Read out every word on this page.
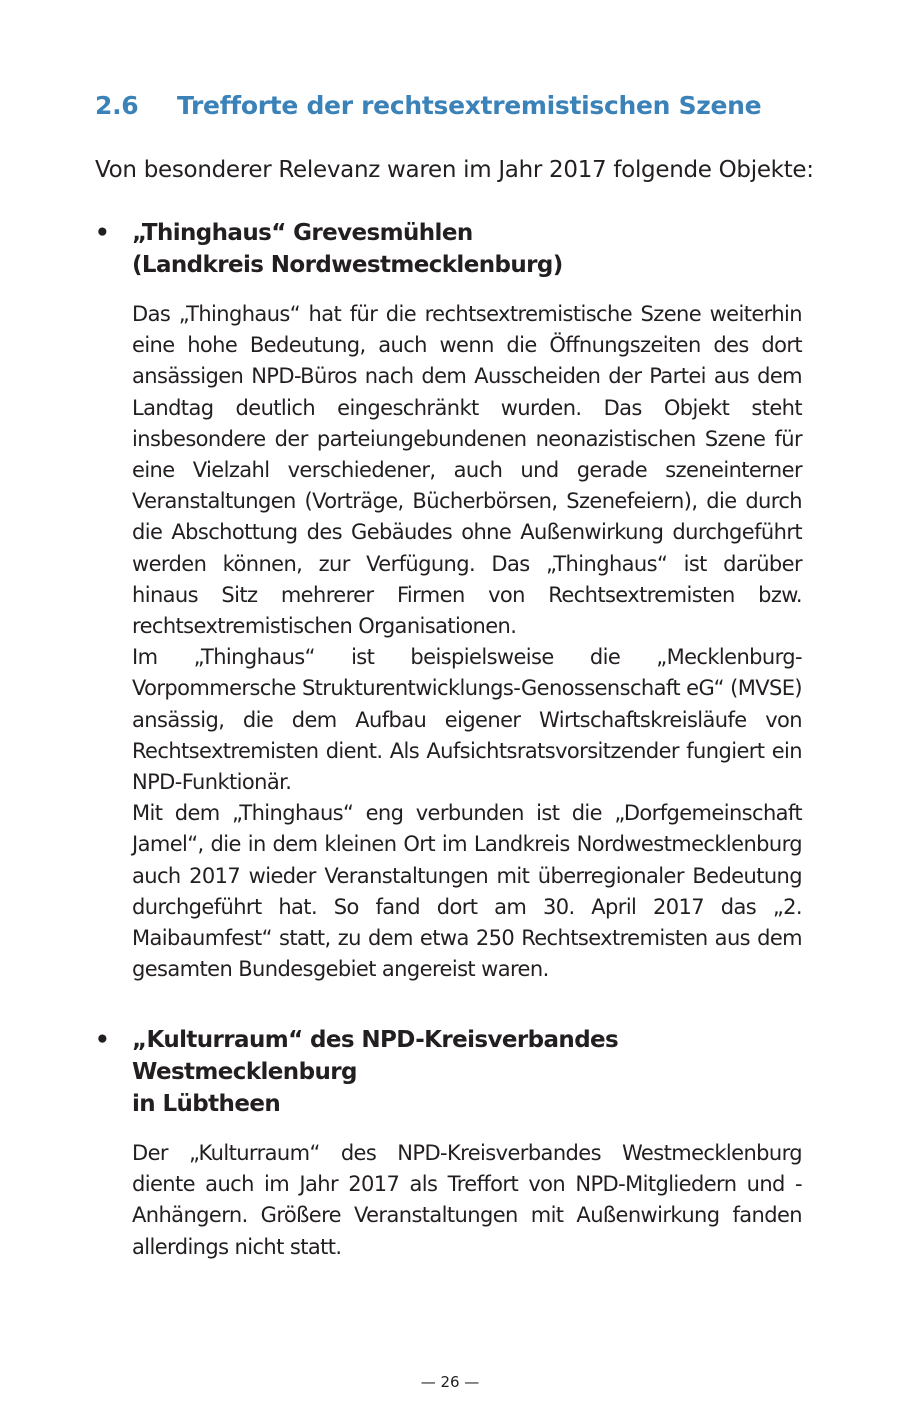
2.6	Trefforte der rechtsextremistischen Szene

Von besonderer Relevanz waren im Jahr 2017 folgende Objekte:

• „Thinghaus“ Grevesmühlen
(Landkreis Nordwestmecklenburg)

Das „Thinghaus“ hat für die rechtsextremistische Szene weiterhin eine hohe Bedeutung, auch wenn die Öffnungszeiten des dort ansässigen NPD-Büros nach dem Ausscheiden der Partei aus dem Landtag deutlich eingeschränkt wurden. Das Objekt steht insbesondere der parteiungebundenen neonazistischen Szene für eine Vielzahl verschiedener, auch und gerade szeneinterner Veranstaltungen (Vorträge, Bücherbörsen, Szenefeiern), die durch die Abschottung des Gebäudes ohne Außenwirkung durchgeführt werden können, zur Verfügung. Das „Thinghaus“ ist darüber hinaus Sitz mehrerer Firmen von Rechtsextremisten bzw. rechtsextremistischen Organisationen.

Im „Thinghaus“ ist beispielsweise die „Mecklenburg-Vorpommersche Strukturentwicklungs-Genossenschaft eG“ (MVSE) ansässig, die dem Aufbau eigener Wirtschaftskreisläufe von Rechtsextremisten dient. Als Aufsichtsratsvorsitzender fungiert ein NPD-Funktionär.

Mit dem „Thinghaus“ eng verbunden ist die „Dorfgemeinschaft Jamel“, die in dem kleinen Ort im Landkreis Nordwestmecklenburg auch 2017 wieder Veranstaltungen mit überregionaler Bedeutung durchgeführt hat. So fand dort am 30. April 2017 das „2. Maibaumfest“ statt, zu dem etwa 250 Rechtsextremisten aus dem gesamten Bundesgebiet angereist waren.

• „Kulturraum“ des NPD-Kreisverbandes Westmecklenburg
in Lübtheen

Der „Kulturraum“ des NPD-Kreisverbandes Westmecklenburg diente auch im Jahr 2017 als Treffort von NPD-Mitgliedern und -Anhängern. Größere Veranstaltungen mit Außenwirkung fanden allerdings nicht statt.

— 26 —
